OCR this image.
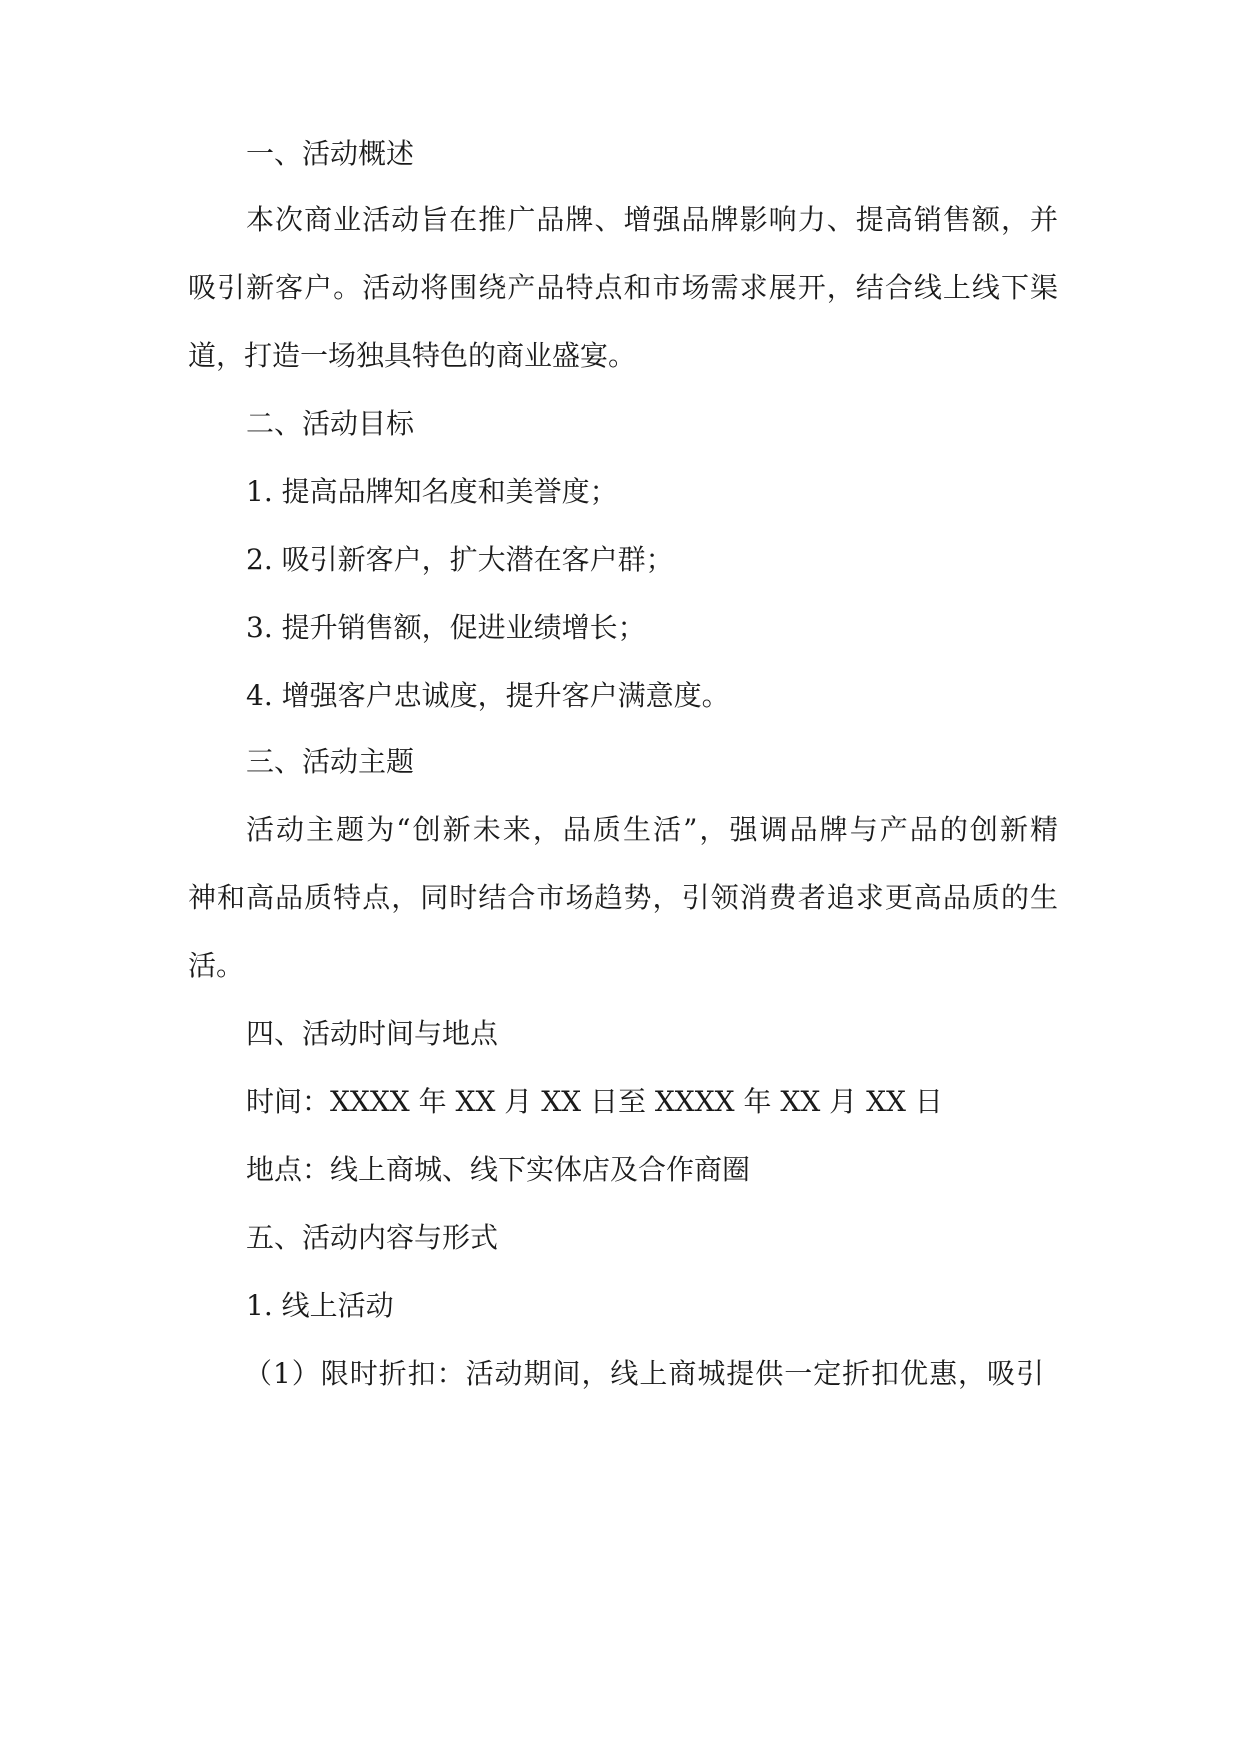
一、活动概述

本次商业活动旨在推广品牌、增强品牌影响力、提高销售额，并

吸引新客户。活动将围绕产品特点和市场需求展开，结合线上线下渠

道，打造一场独具特色的商业盛宴。

二、活动目标

1. 提高品牌知名度和美誉度；

2. 吸引新客户，扩大潜在客户群；

3. 提升销售额，促进业绩增长；

4. 增强客户忠诚度，提升客户满意度。

三、活动主题

活动主题为“创新未来，品质生活”，强调品牌与产品的创新精

神和高品质特点，同时结合市场趋势，引领消费者追求更高品质的生

活。

四、活动时间与地点

时间：XXXX 年 XX 月 XX 日至 XXXX 年 XX 月 XX 日

地点：线上商城、线下实体店及合作商圈

五、活动内容与形式

1. 线上活动

（1）限时折扣：活动期间，线上商城提供一定折扣优惠，吸引
